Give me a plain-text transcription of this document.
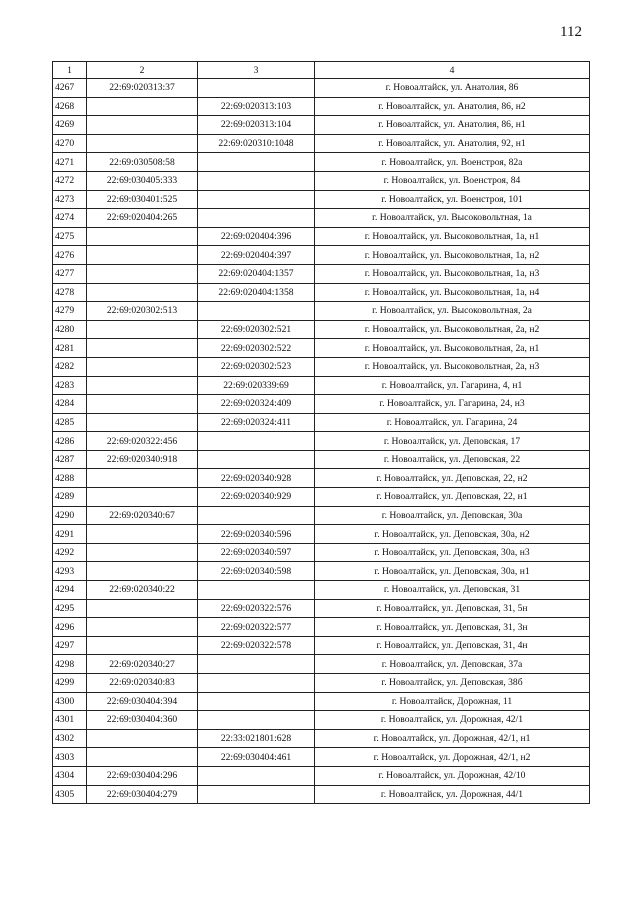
112
1	2	3	4
4267	22:69:020313:37		г. Новоалтайск, ул. Анатолия, 86
4268		22:69:020313:103	г. Новоалтайск, ул. Анатолия, 86, н2
4269		22:69:020313:104	г. Новоалтайск, ул. Анатолия, 86, н1
4270		22:69:020310:1048	г. Новоалтайск, ул. Анатолия, 92, н1
4271	22:69:030508:58		г. Новоалтайск, ул. Военстроя, 82а
4272	22:69:030405:333		г. Новоалтайск, ул. Военстроя, 84
4273	22:69:030401:525		г. Новоалтайск, ул. Военстроя, 101
4274	22:69:020404:265		г. Новоалтайск, ул. Высоковольтная, 1а
4275		22:69:020404:396	г. Новоалтайск, ул. Высоковольтная, 1а, н1
4276		22:69:020404:397	г. Новоалтайск, ул. Высоковольтная, 1а, н2
4277		22:69:020404:1357	г. Новоалтайск, ул. Высоковольтная, 1а, н3
4278		22:69:020404:1358	г. Новоалтайск, ул. Высоковольтная, 1а, н4
4279	22:69:020302:513		г. Новоалтайск, ул. Высоковольтная, 2а
4280		22:69:020302:521	г. Новоалтайск, ул. Высоковольтная, 2а, н2
4281		22:69:020302:522	г. Новоалтайск, ул. Высоковольтная, 2а, н1
4282		22:69:020302:523	г. Новоалтайск, ул. Высоковольтная, 2а, н3
4283		22:69:020339:69	г. Новоалтайск, ул. Гагарина, 4, н1
4284		22:69:020324:409	г. Новоалтайск, ул. Гагарина, 24, н3
4285		22:69:020324:411	г. Новоалтайск, ул. Гагарина, 24
4286	22:69:020322:456		г. Новоалтайск, ул. Деповская, 17
4287	22:69:020340:918		г. Новоалтайск, ул. Деповская, 22
4288		22:69:020340:928	г. Новоалтайск, ул. Деповская, 22, н2
4289		22:69:020340:929	г. Новоалтайск, ул. Деповская, 22, н1
4290	22:69:020340:67		г. Новоалтайск, ул. Деповская, 30а
4291		22:69:020340:596	г. Новоалтайск, ул. Деповская, 30а, н2
4292		22:69:020340:597	г. Новоалтайск, ул. Деповская, 30а, н3
4293		22:69:020340:598	г. Новоалтайск, ул. Деповская, 30а, н1
4294	22:69:020340:22		г. Новоалтайск, ул. Деповская, 31
4295		22:69:020322:576	г. Новоалтайск, ул. Деповская, 31, 5н
4296		22:69:020322:577	г. Новоалтайск, ул. Деповская, 31, 3н
4297		22:69:020322:578	г. Новоалтайск, ул. Деповская, 31, 4н
4298	22:69:020340:27		г. Новоалтайск, ул. Деповская, 37а
4299	22:69:020340:83		г. Новоалтайск, ул. Деповская, 38б
4300	22:69:030404:394		г. Новоалтайск, Дорожная, 11
4301	22:69:030404:360		г. Новоалтайск, ул. Дорожная, 42/1
4302		22:33:021801:628	г. Новоалтайск, ул. Дорожная, 42/1, н1
4303		22:69:030404:461	г. Новоалтайск, ул. Дорожная, 42/1, н2
4304	22:69:030404:296		г. Новоалтайск, ул. Дорожная, 42/10
4305	22:69:030404:279		г. Новоалтайск, ул. Дорожная, 44/1
